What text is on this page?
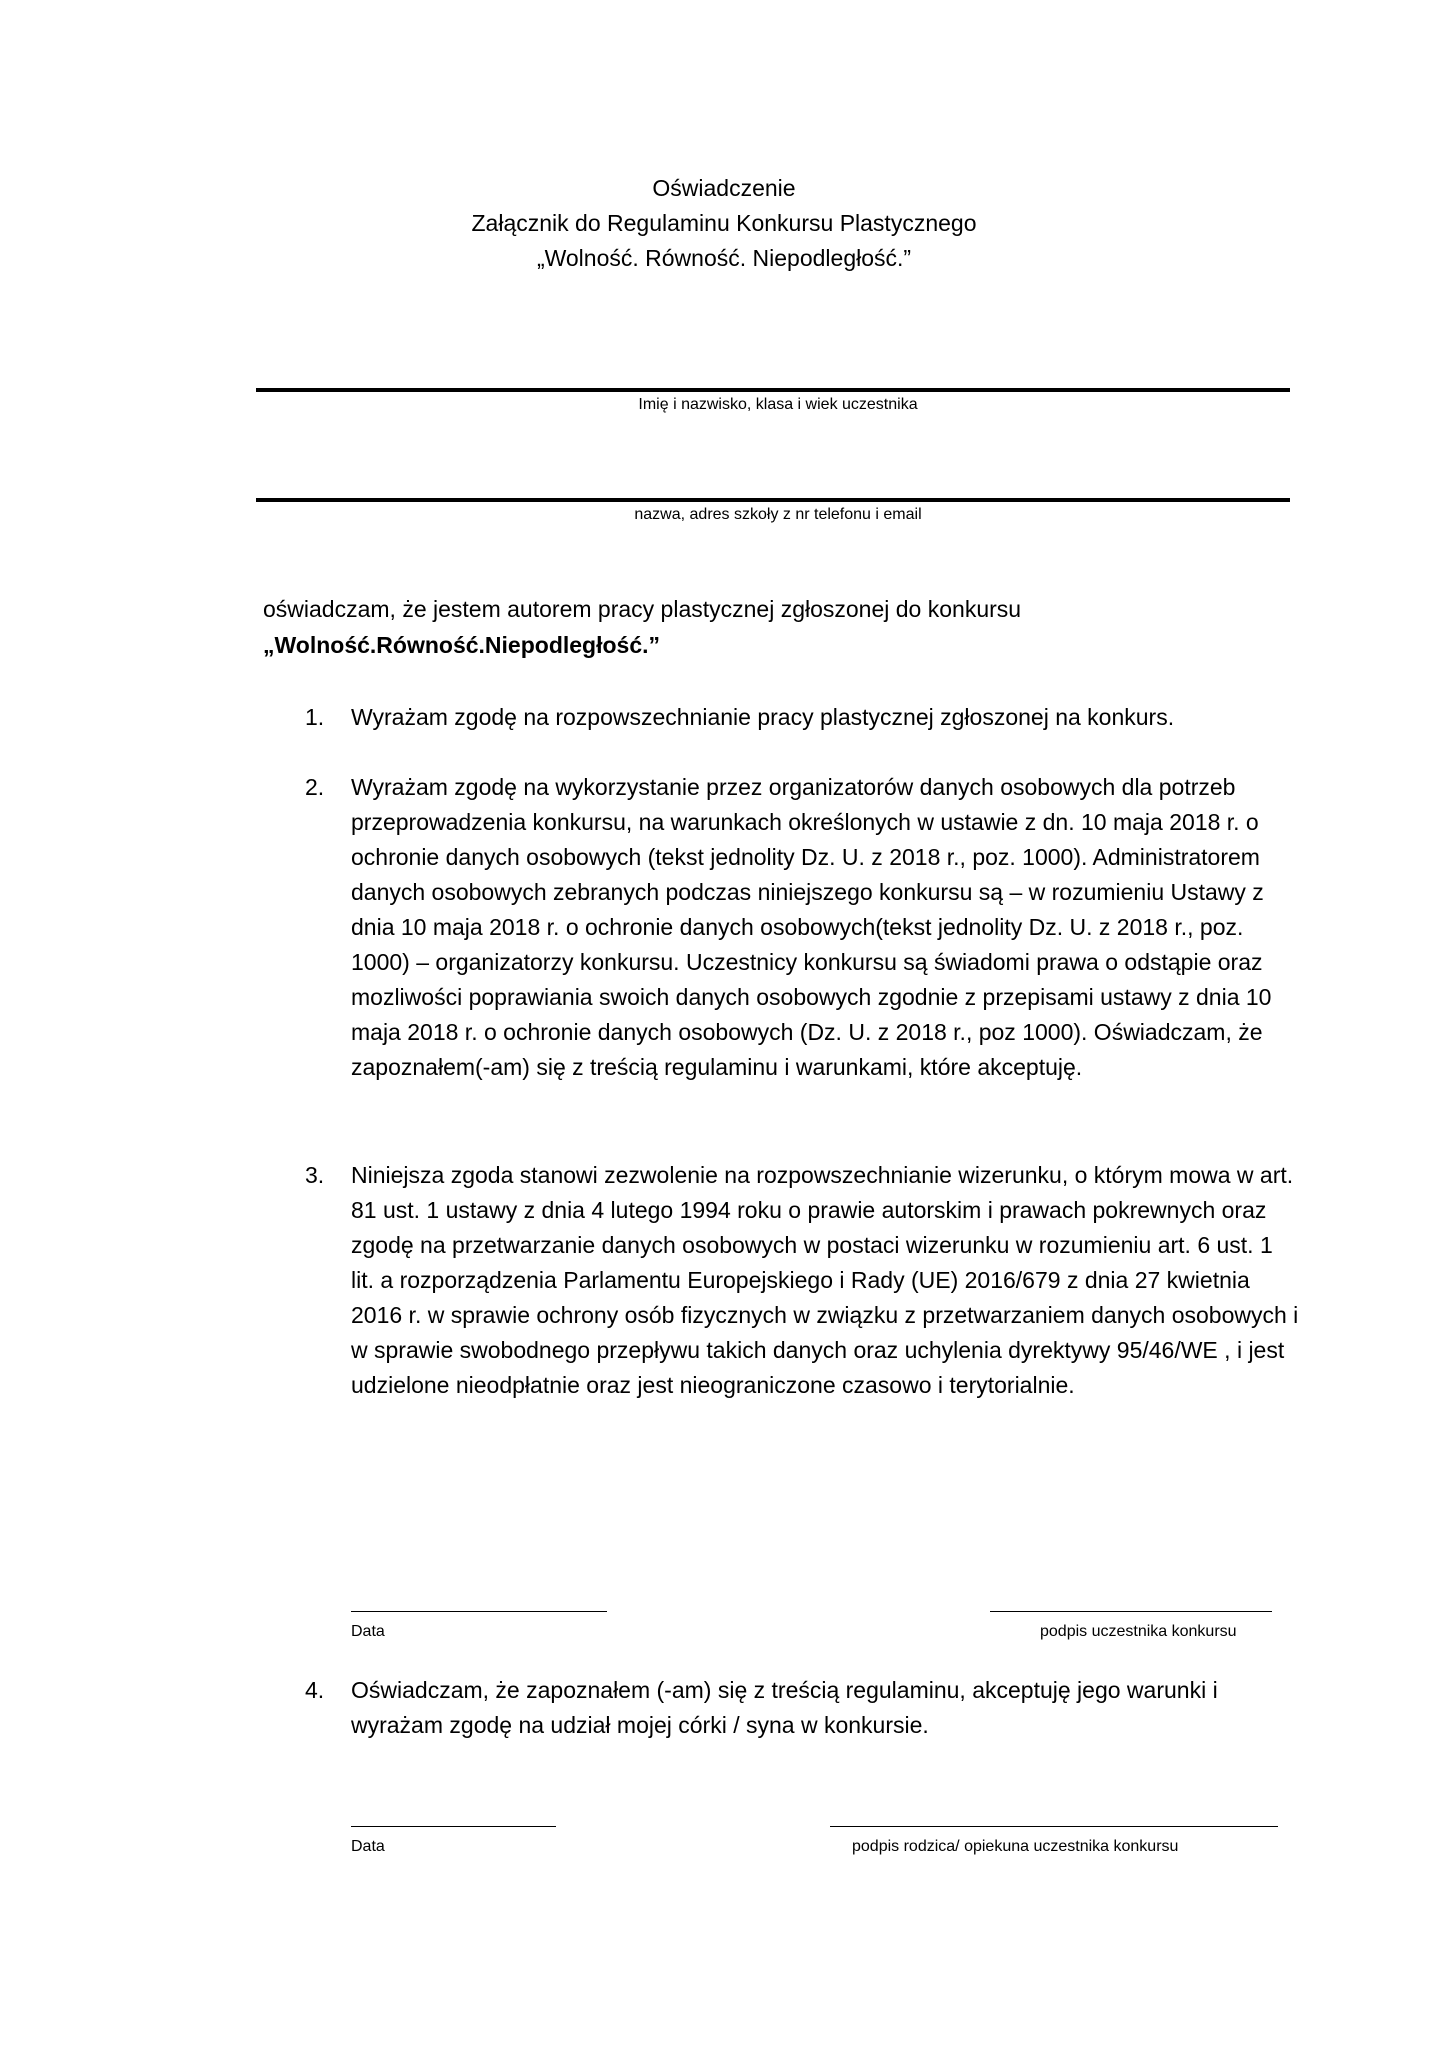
Oświadczenie
Załącznik do Regulaminu Konkursu Plastycznego
„Wolność. Równość. Niepodległość.”
Imię i nazwisko, klasa i wiek uczestnika
nazwa, adres szkoły z nr telefonu i email
oświadczam, że jestem autorem pracy plastycznej zgłoszonej do konkursu
„Wolność.Równość.Niepodległość.”
1.	Wyrażam zgodę na rozpowszechnianie pracy plastycznej zgłoszonej na konkurs.
2.	Wyrażam zgodę na wykorzystanie przez organizatorów danych osobowych dla potrzeb przeprowadzenia konkursu, na warunkach określonych w ustawie z dn. 10 maja 2018 r. o ochronie danych osobowych (tekst jednolity Dz. U. z 2018 r., poz. 1000). Administratorem danych osobowych zebranych podczas niniejszego konkursu są – w rozumieniu Ustawy z dnia 10 maja 2018 r. o ochronie danych osobowych(tekst jednolity Dz. U. z 2018 r., poz. 1000) – organizatorzy konkursu. Uczestnicy konkursu są świadomi prawa o odstąpie oraz mozliwości poprawiania swoich danych osobowych zgodnie z przepisami ustawy z dnia 10 maja 2018 r. o ochronie danych osobowych (Dz. U. z 2018 r., poz 1000). Oświadczam, że zapoznałem(-am) się z treścią regulaminu i warunkami, które akceptuję.
3.	Niniejsza zgoda stanowi zezwolenie na rozpowszechnianie wizerunku, o którym mowa w art. 81 ust. 1 ustawy z dnia 4 lutego 1994 roku o prawie autorskim i prawach pokrewnych oraz zgodę na przetwarzanie danych osobowych w postaci wizerunku w rozumieniu art. 6 ust. 1 lit. a rozporządzenia Parlamentu Europejskiego i Rady (UE) 2016/679 z dnia 27 kwietnia 2016 r. w sprawie ochrony osób fizycznych w związku z przetwarzaniem danych osobowych i w sprawie swobodnego przepływu takich danych oraz uchylenia dyrektywy 95/46/WE , i jest udzielone nieodpłatnie oraz jest nieograniczone czasowo i terytorialnie.
Data	podpis uczestnika konkursu
4.	Oświadczam, że zapoznałem (-am) się z treścią regulaminu, akceptuję jego warunki i wyrażam zgodę na udział mojej córki / syna w konkursie.
Data	podpis rodzica/ opiekuna uczestnika konkursu
